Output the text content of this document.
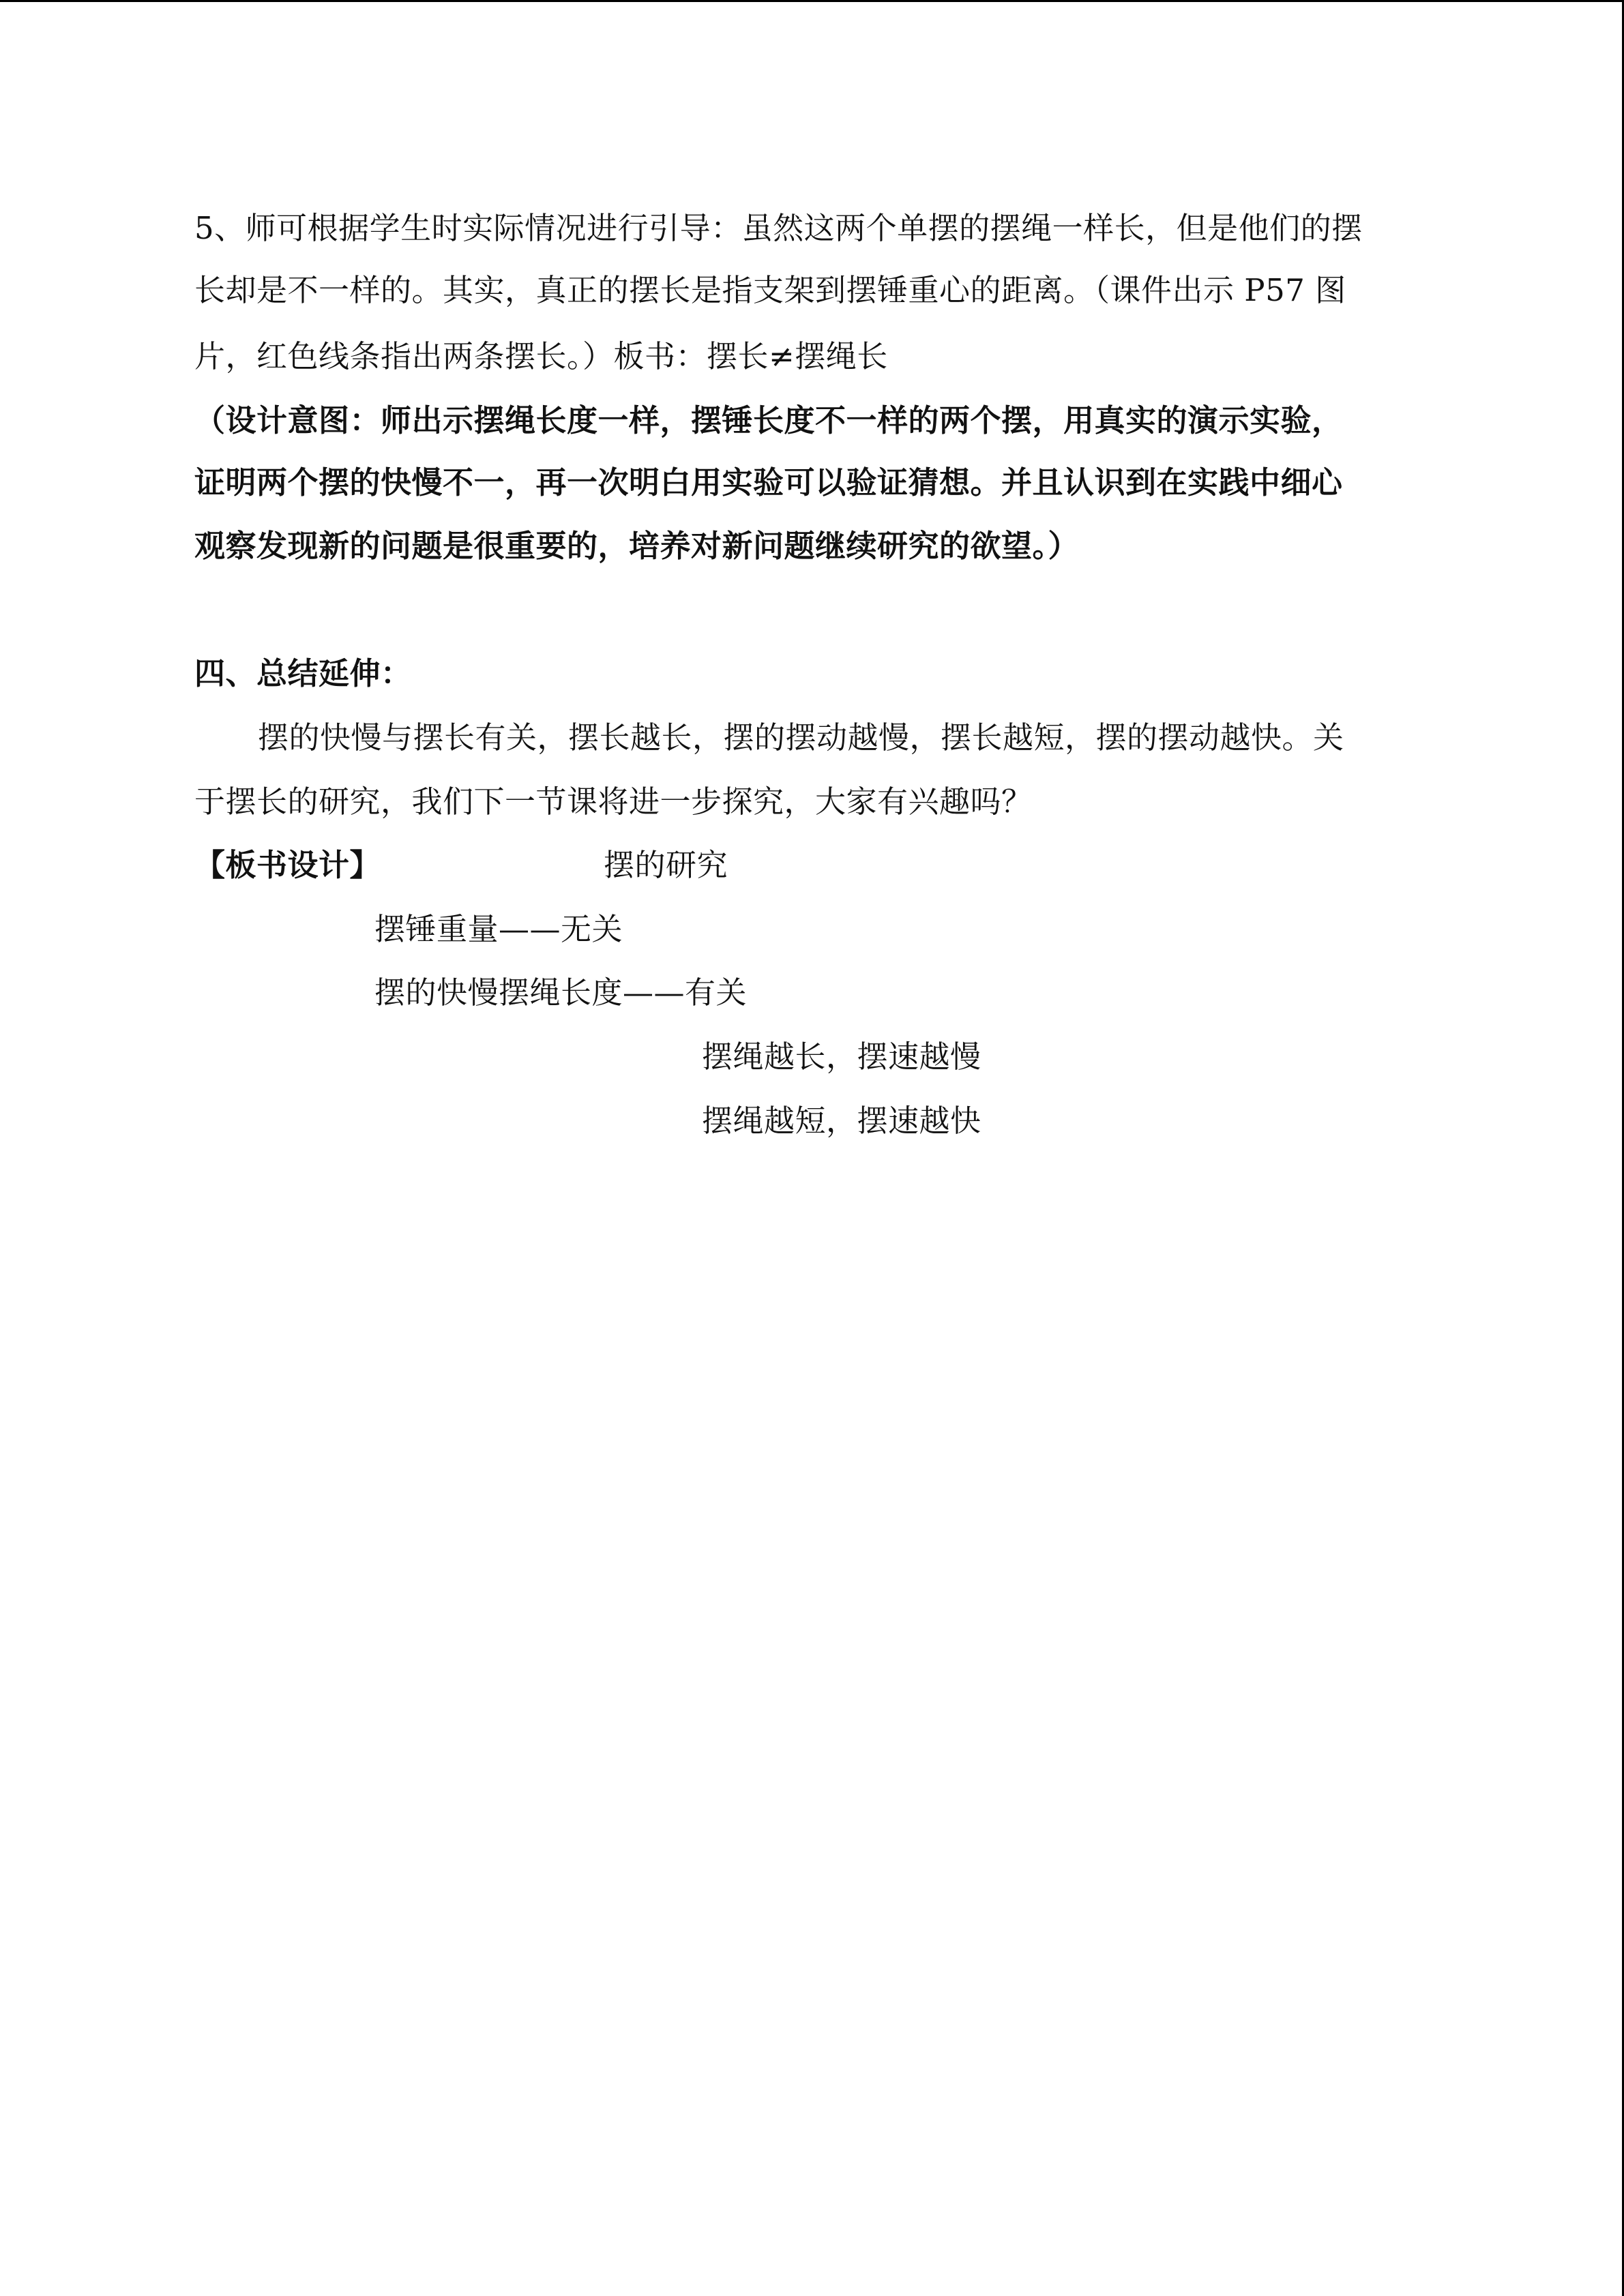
5、师可根据学生时实际情况进行引导：虽然这两个单摆的摆绳一样长，但是他们的摆
长却是不一样的。其实，真正的摆长是指支架到摆锤重心的距离。（课件出示 P57 图
片，红色线条指出两条摆长。）板书：摆长≠摆绳长
（设计意图：师出示摆绳长度一样，摆锤长度不一样的两个摆，用真实的演示实验，
证明两个摆的快慢不一，再一次明白用实验可以验证猜想。并且认识到在实践中细心
观察发现新的问题是很重要的，培养对新问题继续研究的欲望。）
四、总结延伸：
摆的快慢与摆长有关，摆长越长，摆的摆动越慢，摆长越短，摆的摆动越快。关
于摆长的研究，我们下一节课将进一步探究，大家有兴趣吗？
【板书设计】	摆的研究
摆锤重量——无关
摆的快慢摆绳长度——有关
摆绳越长，摆速越慢
摆绳越短，摆速越快
